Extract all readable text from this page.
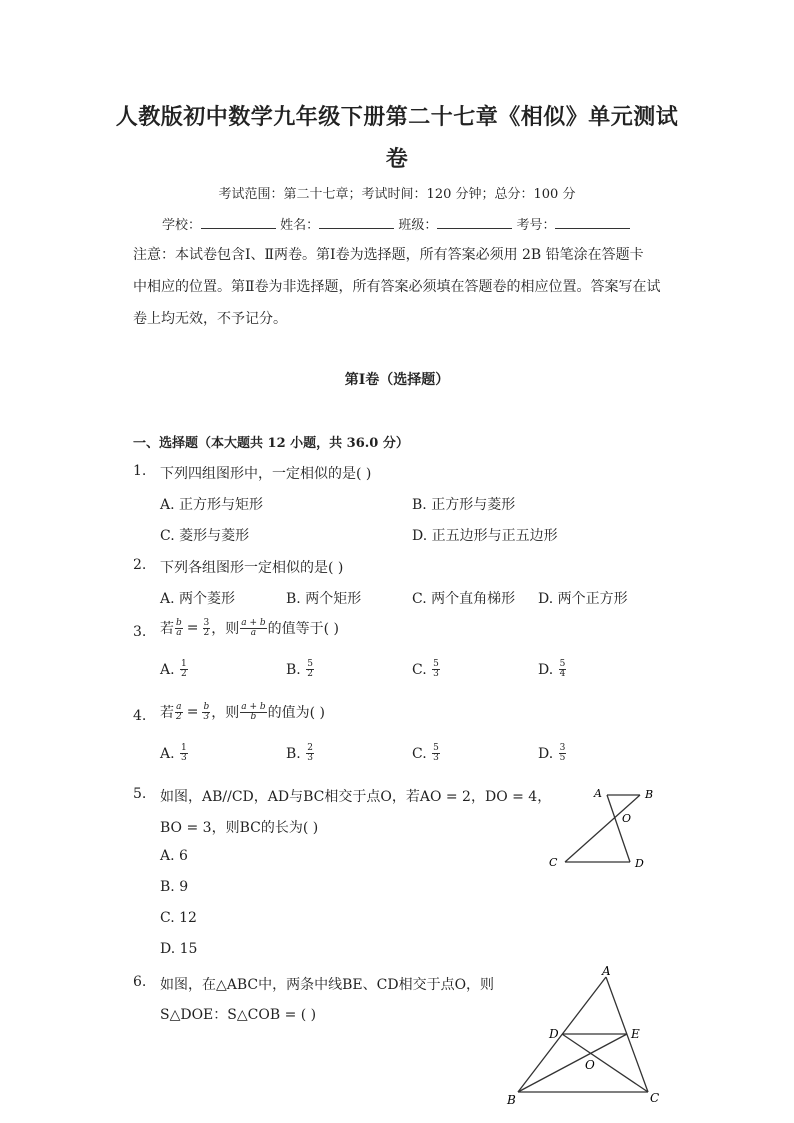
人教版初中数学九年级下册第二十七章《相似》单元测试
卷
考试范围：第二十七章；考试时间：120 分钟；总分：100 分
学校：	姓名：	班级：	考号：
注意：本试卷包含Ⅰ、Ⅱ两卷。第Ⅰ卷为选择题，所有答案必须用 2B 铅笔涂在答题卡
中相应的位置。第Ⅱ卷为非选择题，所有答案必须填在答题卷的相应位置。答案写在试
卷上均无效，不予记分。
第Ⅰ卷（选择题）
一、选择题（本大题共 12 小题，共 36.0 分）
1. 下列四组图形中，一定相似的是( )
A. 正方形与矩形	B. 正方形与菱形
C. 菱形与菱形	D. 正五边形与正五边形
2. 下列各组图形一定相似的是( )
A. 两个菱形	B. 两个矩形	C. 两个直角梯形 D. 两个正方形
3. 若 $\frac{b}{a} = \frac{3}{2}$ ，则 $\frac{a + b}{a}$ 的值等于( )
A.
$\frac{1}{2}$	B.
$\frac{5}{2}$	C.
$\frac{5}{3}$	D.
$\frac{5}{4}$
4. 若 $\frac{a}{2} = \frac{b}{3}$ ，则 $\frac{a + b}{b}$ 的值为( )
A.
$\frac{1}{3}$	B.
$\frac{2}{3}$	C.
$\frac{5}{3}$	D.
$\frac{3}{5}$
5. 如图，AB//CD，AD与BC相交于点O，若AO = 2，DO = 4，
BO = 3，则BC的长为( )
A. 6
B. 9
C. 12
D. 15
A	B
O
C	D
6. 如图，在△ABC中，两条中线BE、CD相交于点O，则
S△DOE：S△COB = ( )
A
D	E
O
B	C
